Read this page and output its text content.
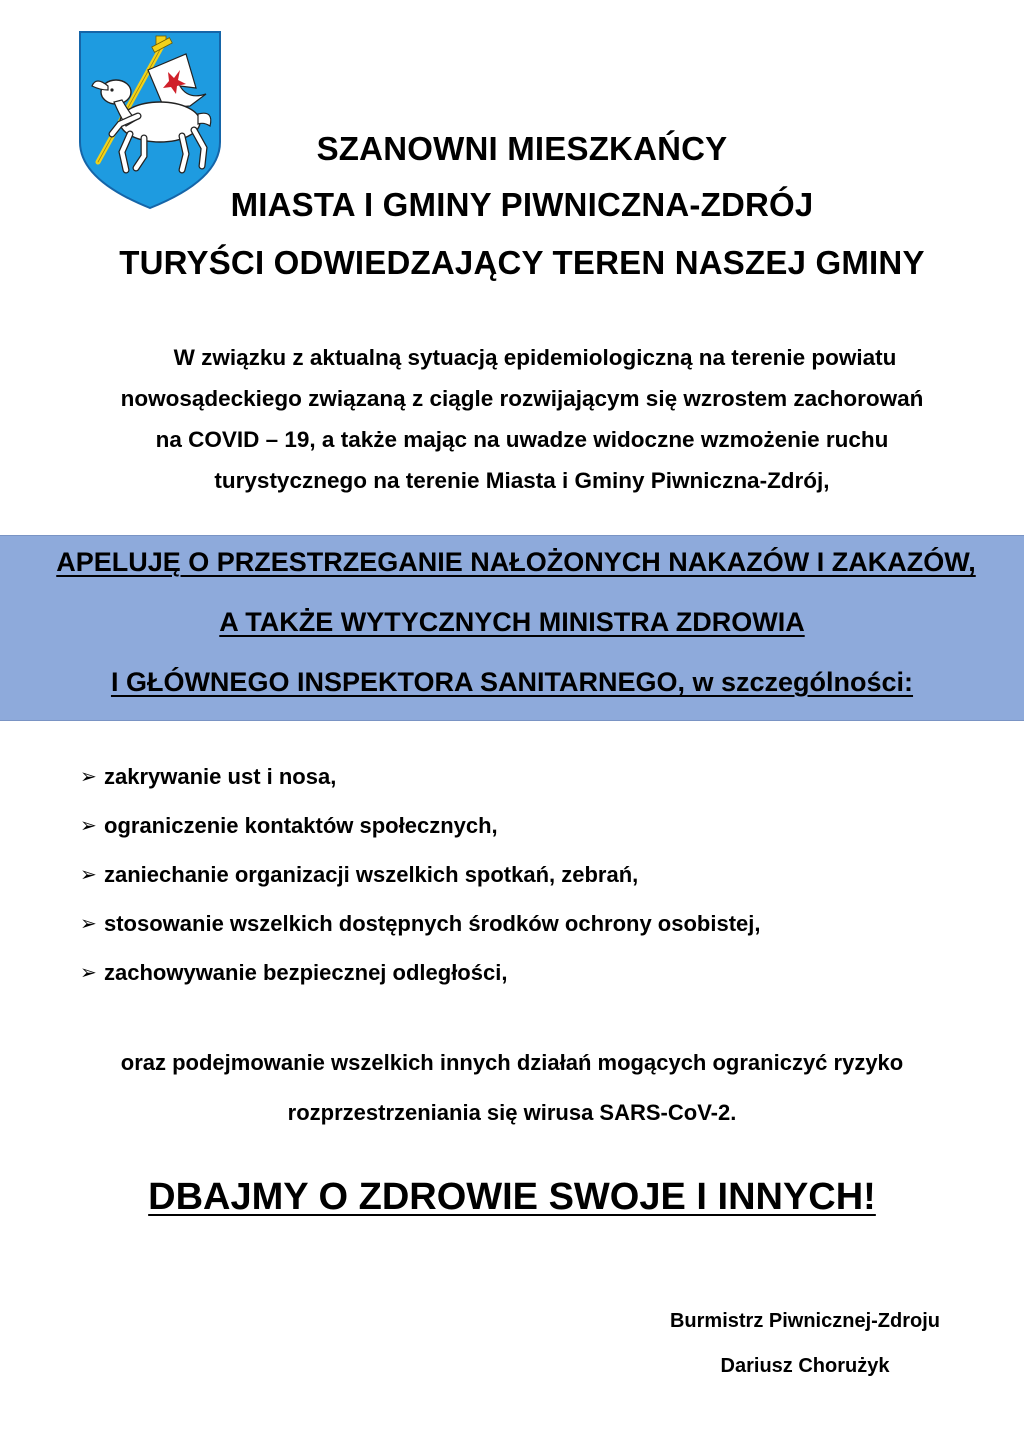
SZANOWNI MIESZKAŃCY
MIASTA I GMINY PIWNICZNA-ZDRÓJ
TURYŚCI ODWIEDZAJĄCY TEREN NASZEJ GMINY

W związku z aktualną sytuacją epidemiologiczną na terenie powiatu
nowosądeckiego związaną z ciągle rozwijającym się wzrostem zachorowań
na COVID – 19, a także mając na uwadze widoczne wzmożenie ruchu
turystycznego na terenie Miasta i Gminy Piwniczna-Zdrój,

APELUJĘ O PRZESTRZEGANIE NAŁOŻONYCH NAKAZÓW I ZAKAZÓW,

A TAKŻE WYTYCZNYCH MINISTRA ZDROWIA

I GŁÓWNEGO INSPEKTORA SANITARNEGO, w szczególności:

➢ zakrywanie ust i nosa,
➢ ograniczenie kontaktów społecznych,
➢ zaniechanie organizacji wszelkich spotkań, zebrań,
➢ stosowanie wszelkich dostępnych środków ochrony osobistej,
➢ zachowywanie bezpiecznej odległości,

oraz podejmowanie wszelkich innych działań mogących ograniczyć ryzyko
rozprzestrzeniania się wirusa SARS-CoV-2.

DBAJMY O ZDROWIE SWOJE I INNYCH!

Burmistrz Piwnicznej-Zdroju
Dariusz Chorużyk
